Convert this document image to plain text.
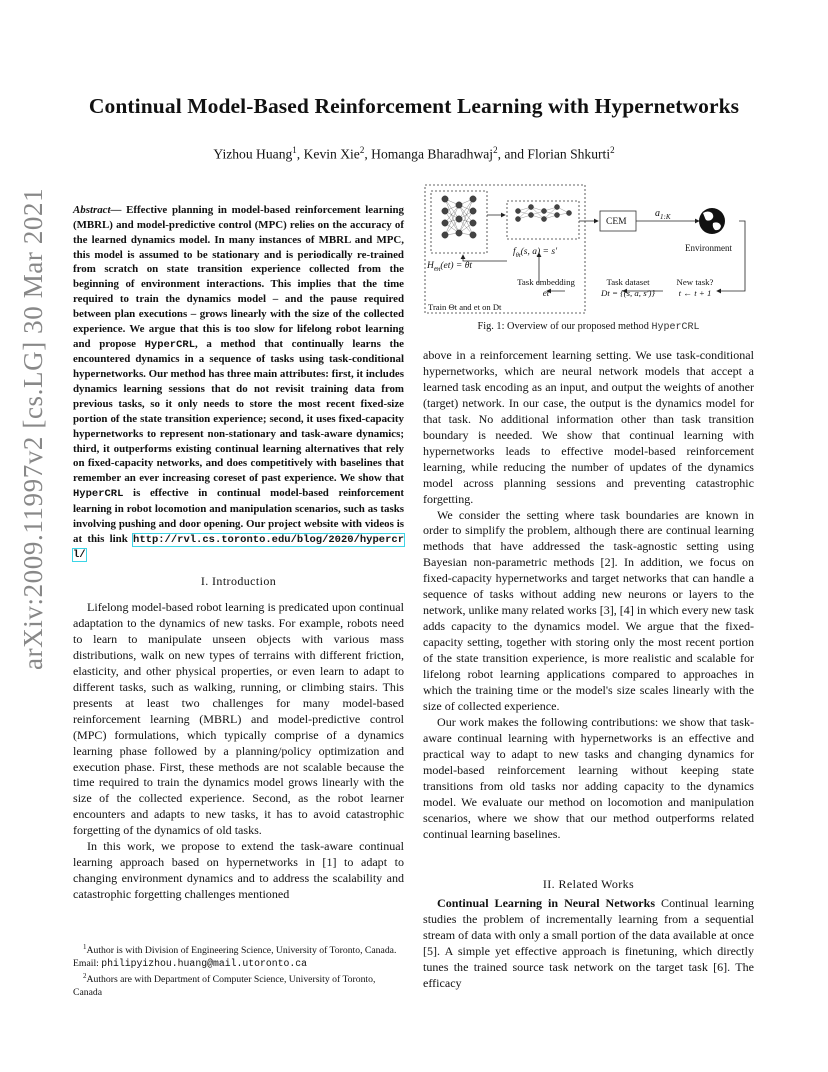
Continual Model-Based Reinforcement Learning with Hypernetworks
Yizhou Huang$^1$, Kevin Xie$^2$, Homanga Bharadhwaj$^2$, and Florian Shkurti$^2$
arXiv:2009.11997v2 [cs.LG] 30 Mar 2021 Abstract— Effective planning in model-based reinforcement learning (MBRL) and model-predictive control (MPC) relies on the accuracy of the learned dynamics model. In many instances of MBRL and MPC, this model is assumed to be stationary and is periodically re-trained from scratch on state transition experience collected from the beginning of environment interactions. This implies that the time required to train the dynamics model – and the pause required between plan executions – grows linearly with the size of the collected experience. We argue that this is too slow for lifelong robot learning and propose HyperCRL, a method that continually learns the encountered dynamics in a sequence of tasks using task-conditional hypernetworks. Our method has three main attributes: first, it includes dynamics learning sessions that do not revisit training data from previous tasks, so it only needs to store the most recent fixed-size portion of the state transition experience; second, it uses fixed-capacity hypernetworks to represent non-stationary and task-aware dynamics; third, it outperforms existing continual learning alternatives that rely on fixed-capacity networks, and does competitively with baselines that remember an ever increasing coreset of past experience. We show that HyperCRL is effective in continual model-based reinforcement learning in robot locomotion and manipulation scenarios, such as tasks involving pushing and door opening. Our project website with videos is at this link http://rvl.cs.toronto.edu/blog/2020/hypercrl/
I. Introduction

Lifelong model-based robot learning is predicated upon continual adaptation to the dynamics of new tasks. For example, robots need to learn to manipulate unseen objects with various mass distributions, walk on new types of terrains with different friction, elasticity, and other physical properties, or even learn to adapt to different tasks, such as walking, running, or climbing stairs. This presents at least two challenges for many model-based reinforcement learning (MBRL) and model-predictive control (MPC) formulations, which typically comprise of a dynamics learning phase followed by a planning/policy optimization and execution phase. First, these methods are not scalable because the time required to train the dynamics model grows linearly with the size of the collected experience. Second, as the robot learner encounters and adapts to new tasks, it has to avoid catastrophic forgetting of the dynamics of old tasks.

In this work, we propose to extend the task-aware continual learning approach based on hypernetworks in [1] to adapt to changing environment dynamics and to address the scalability and catastrophic forgetting challenges mentioned

$^1$Author is with Division of Engineering Science, University of Toronto, Canada. Email: philipyizhou.huang@mail.utoronto.ca
$^2$Authors are with Department of Computer Science, University of Toronto, Canada
CEM
$a_{1:K}$
Environment
$H_{\Theta t}(et) = \theta t$
$f_{\theta t}(s$, a) = s′
Task embedding
et
Task dataset
Dt = {(s, a, s′)}
New task?
t ← t + 1
Train Θt and et on Dt
Fig. 1: Overview of our proposed method HyperCRL

above in a reinforcement learning setting. We use task-conditional hypernetworks, which are neural network models that accept a learned task encoding as an input, and output the weights of another (target) network. In our case, the output is the dynamics model for that task. No additional information other than task transition boundary is needed. We show that continual learning with hypernetworks leads to effective model-based reinforcement learning, while reducing the number of updates of the dynamics model across planning sessions and preventing catastrophic forgetting.

We consider the setting where task boundaries are known in order to simplify the problem, although there are continual learning methods that have addressed the task-agnostic setting using Bayesian non-parametric methods [2]. In addition, we focus on fixed-capacity hypernetworks and target networks that can handle a sequence of tasks without adding new neurons or layers to the network, unlike many related works [3], [4] in which every new task adds capacity to the dynamics model. We argue that the fixed-capacity setting, together with storing only the most recent portion of the state transition experience, is more realistic and scalable for lifelong robot learning applications compared to approaches in which the training time or the model's size scales linearly with the size of collected experience.

Our work makes the following contributions: we show that task-aware continual learning with hypernetworks is an effective and practical way to adapt to new tasks and changing dynamics for model-based reinforcement learning without keeping state transitions from old tasks nor adding capacity to the dynamics model. We evaluate our method on locomotion and manipulation scenarios, where we show that our method outperforms related continual learning baselines.

II. Related Works

Continual Learning in Neural Networks Continual learning studies the problem of incrementally learning from a sequential stream of data with only a small portion of the data available at once [5]. A simple yet effective approach is finetuning, which directly tunes the trained source task network on the target task [6]. The efficacy
